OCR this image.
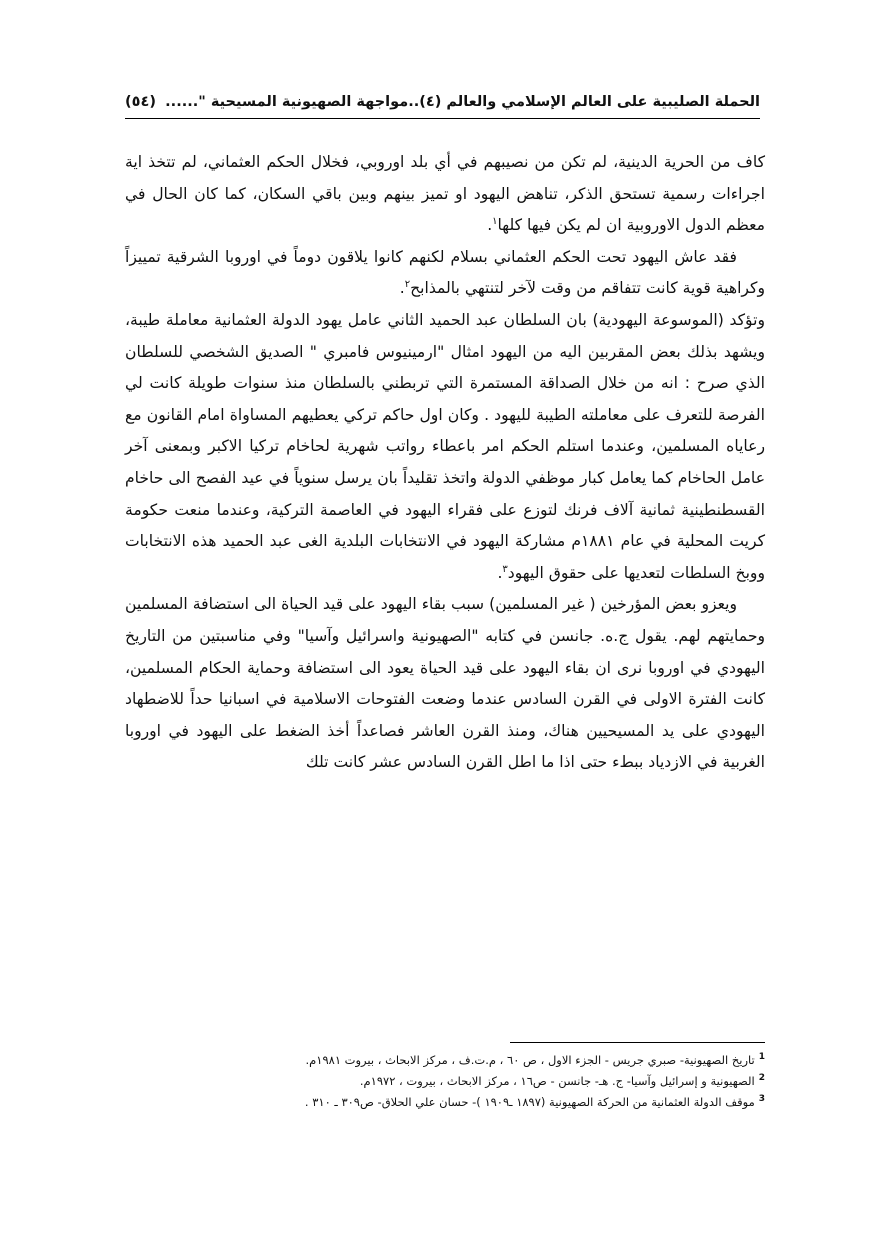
الحملة الصليبية على العالم الإسلامي والعالم (٤)..مواجهة الصهيونية المسيحية "......
(٥٤)

كاف من الحرية الدينية، لم تكن من نصيبهم في أي بلد اوروبي، فخلال الحكم العثماني، لم تتخذ اية اجراءات رسمية تستحق الذكر، تناهض اليهود او تميز بينهم وبين باقي السكان، كما كان الحال في معظم الدول الاوروبية ان لم يكن فيها كلها$^١$.

فقد عاش اليهود تحت الحكم العثماني بسلام لكنهم كانوا يلاقون دوماً في اوروبا الشرقية تمييزاً وكراهية قوية كانت تتفاقم من وقت لآخر لتنتهي بالمذابح$^٢$.

وتؤكد (الموسوعة اليهودية) بان السلطان عبد الحميد الثاني عامل يهود الدولة العثمانية معاملة طيبة، ويشهد بذلك بعض المقربين اليه من اليهود امثال "ارمينيوس فامبري " الصديق الشخصي للسلطان الذي صرح : انه من خلال الصداقة المستمرة التي تربطني بالسلطان منذ سنوات طويلة كانت لي الفرصة للتعرف على معاملته الطيبة لليهود . وكان اول حاكم تركي يعطيهم المساواة امام القانون مع رعاياه المسلمين، وعندما استلم الحكم امر باعطاء رواتب شهرية لحاخام تركيا الاكبر وبمعنى آخر عامل الحاخام كما يعامل كبار موظفي الدولة واتخذ تقليداً بان يرسل سنوياً في عيد الفصح الى حاخام القسطنطينية ثمانية آلاف فرنك لتوزع على فقراء اليهود في العاصمة التركية، وعندما منعت حكومة كريت المحلية في عام ١٨٨١م مشاركة اليهود في الانتخابات البلدية الغى عبد الحميد هذه الانتخابات ووبخ السلطات لتعديها على حقوق اليهود$^٣$.

ويعزو بعض المؤرخين ( غير المسلمين) سبب بقاء اليهود على قيد الحياة الى استضافة المسلمين وحمايتهم لهم. يقول ج.ه. جانسن في كتابه "الصهيونية واسرائيل وآسيا" وفي مناسبتين من التاريخ اليهودي في اوروبا نرى ان بقاء اليهود على قيد الحياة يعود الى استضافة وحماية الحكام المسلمين، كانت الفترة الاولى في القرن السادس عندما وضعت الفتوحات الاسلامية في اسبانيا حداً للاضطهاد اليهودي على يد المسيحيين هناك، ومنذ القرن العاشر فصاعداً أخذ الضغط على اليهود في اوروبا الغربية في الازدياد ببطء حتى اذا ما اطل القرن السادس عشر كانت تلك

$^1$تاريخ الصهيونية- صبري جريس - الجزء الاول ، ص ٦٠ ، م.ت.ف ، مركز الابحاث ، بيروت ١٩٨١م.
$^2$الصهيونية و إسرائيل وآسيا- ج. هـ- جانسن - ص١٦ ، مركز الابحاث ، بيروت ، ١٩٧٢م.
$^3$موقف الدولة العثمانية من الحركة الصهيونية (١٨٩٧ ـ١٩٠٩ )- حسان علي الحلاق- ص٣٠٩ ـ ٣١٠ .
